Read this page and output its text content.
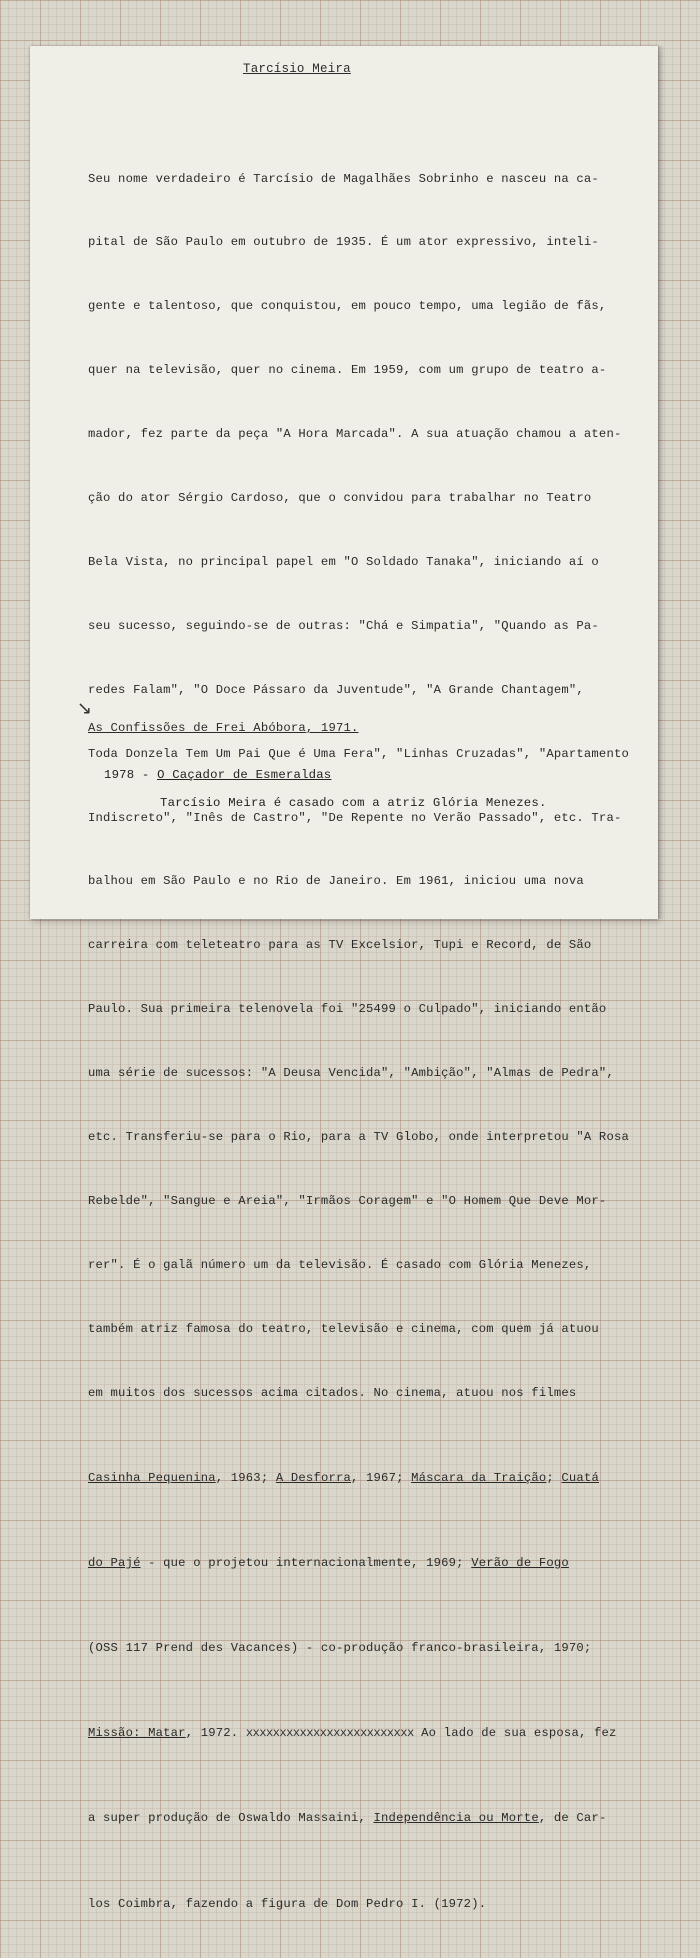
Tarcísio Meira

Seu nome verdadeiro é Tarcísio de Magalhães Sobrinho e nasceu na ca-

pital de São Paulo em outubro de 1935. É um ator expressivo, inteli-

gente e talentoso, que conquistou, em pouco tempo, uma legião de fãs,

quer na televisão, quer no cinema. Em 1959, com um grupo de teatro a-

mador, fez parte da peça "A Hora Marcada". A sua atuação chamou a aten-

ção do ator Sérgio Cardoso, que o convidou para trabalhar no Teatro

Bela Vista, no principal papel em "O Soldado Tanaka", iniciando aí o

seu sucesso, seguindo-se de outras: "Chá e Simpatia", "Quando as Pa-

redes Falam", "O Doce Pássaro da Juventude", "A Grande Chantagem",

Toda Donzela Tem Um Pai Que é Uma Fera", "Linhas Cruzadas", "Apartamento

Indiscreto", "Inês de Castro", "De Repente no Verão Passado", etc. Tra-

balhou em São Paulo e no Rio de Janeiro. Em 1961, iniciou uma nova

carreira com teleteatro para as TV Excelsior, Tupi e Record, de São

Paulo. Sua primeira telenovela foi "25499 o Culpado", iniciando então

uma série de sucessos: "A Deusa Vencida", "Ambição", "Almas de Pedra",

etc. Transferiu-se para o Rio, para a TV Globo, onde interpretou "A Rosa

Rebelde", "Sangue e Areia", "Irmãos Coragem" e "O Homem Que Deve Mor-

rer". É o galã número um da televisão. É casado com Glória Menezes,

também atriz famosa do teatro, televisão e cinema, com quem já atuou

em muitos dos sucessos acima citados. No cinema, atuou nos filmes

Casinha Pequenina, 1963; A Desforra, 1967; Máscara da Traição; Cuatá

do Pajé - que o projetou internacionalmente, 1969; Verão de Fogo

(OSS 117 Prend des Vacances) - co-produção franco-brasileira, 1970;

Missão: Matar, 1972. xxxxxxxxxxxxxxxxxxxxxxxxx Ao lado de sua esposa, fez

a super produção de Oswaldo Massaini, Independência ou Morte, de Car-

los Coimbra, fazendo a figura de Dom Pedro I. (1972).

↘
As Confissões de Frei Abóbora, 1971.
1978 - O Caçador de Esmeraldas
Tarcísio Meira é casado com a atriz Glória Menezes.
